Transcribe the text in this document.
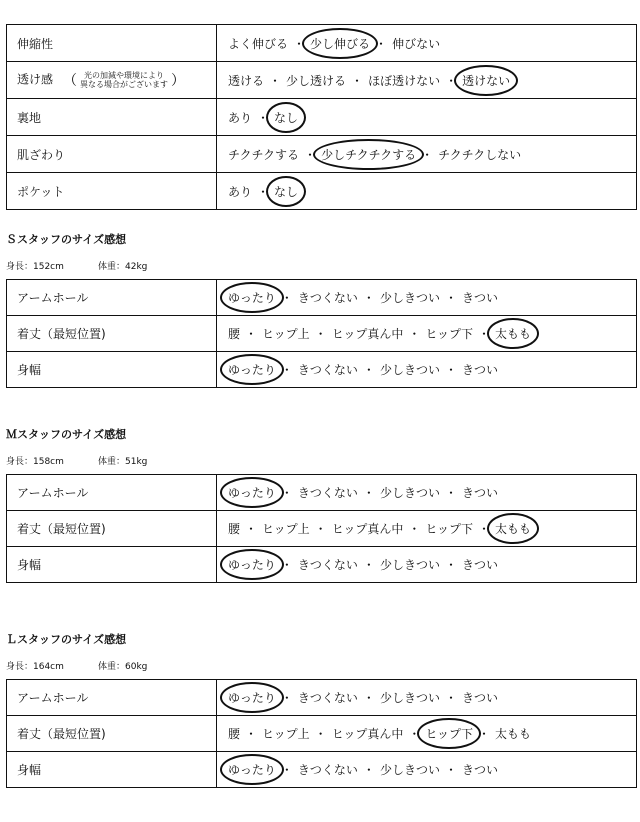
伸縮性	よく伸びる ・ 少し伸びる ・ 伸びない
透け感 （ 光の加減や環境により
異なる場合がございます ）	透ける ・ 少し透ける ・ ほぼ透けない ・ 透けない
裏地	あり ・ なし
肌ざわり	チクチクする ・ 少しチクチクする ・ チクチクしない
ポケット	あり ・ なし
Ｓスタッフのサイズ感想
身長：152cm	体重：42kg
アームホール	ゆったり ・ きつくない ・ 少しきつい ・ きつい
着丈（最短位置)	腰 ・ ヒップ上 ・ ヒップ真ん中 ・ ヒップ下 ・ 太もも
身幅	ゆったり ・ きつくない ・ 少しきつい ・ きつい
Ｍスタッフのサイズ感想
身長：158cm	体重：51kg
アームホール	ゆったり ・ きつくない ・ 少しきつい ・ きつい
着丈（最短位置)	腰 ・ ヒップ上 ・ ヒップ真ん中 ・ ヒップ下 ・ 太もも
身幅	ゆったり ・ きつくない ・ 少しきつい ・ きつい
Ｌスタッフのサイズ感想
身長：164cm	体重：60kg
アームホール	ゆったり ・ きつくない ・ 少しきつい ・ きつい
着丈（最短位置)	腰 ・ ヒップ上 ・ ヒップ真ん中 ・ ヒップ下 ・ 太もも
身幅	ゆったり ・ きつくない ・ 少しきつい ・ きつい
